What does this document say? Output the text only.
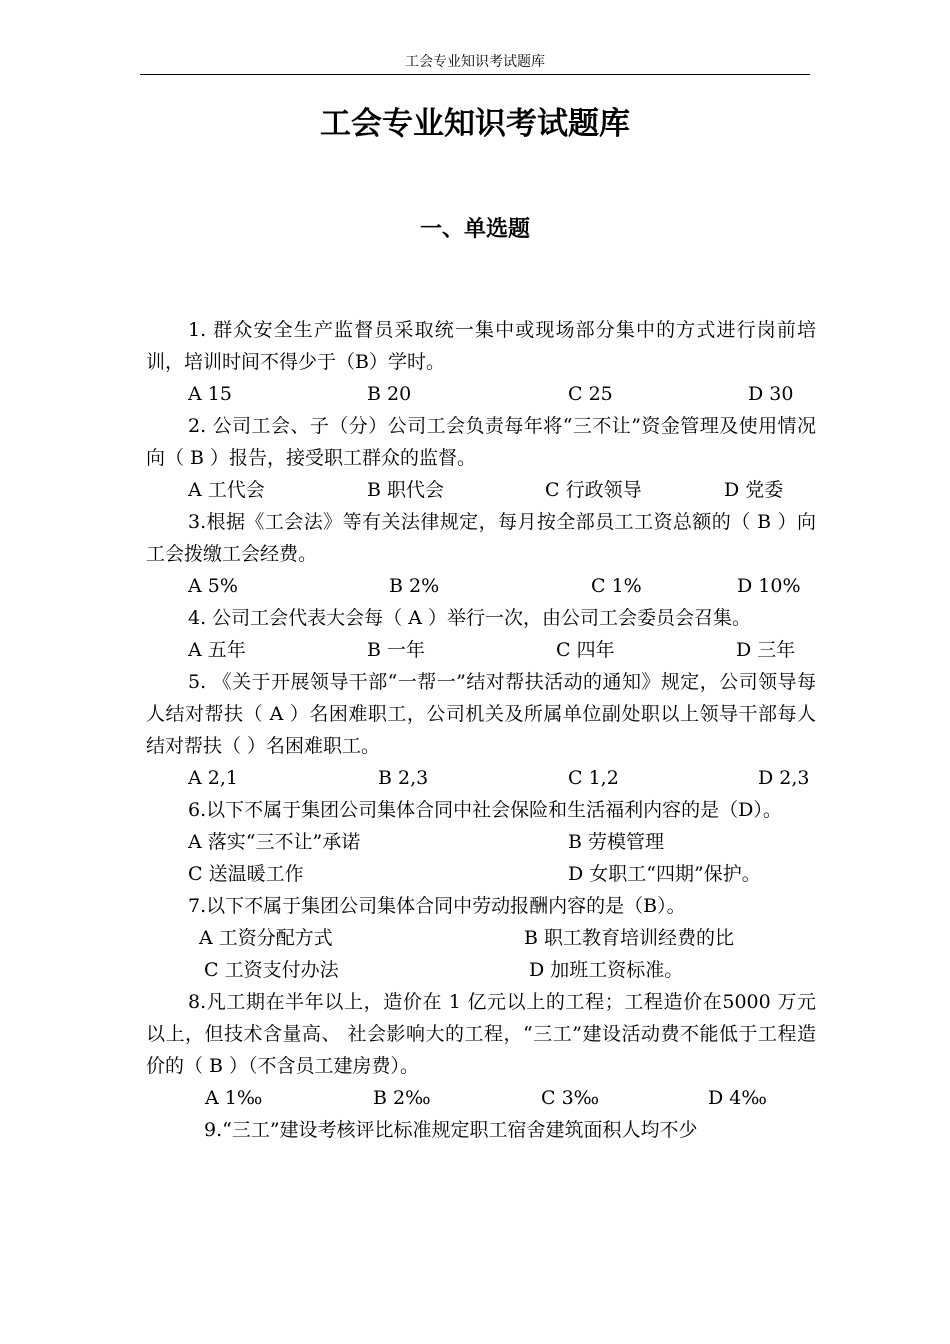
工会专业知识考试题库
工会专业知识考试题库
一、单选题

1. 群众安全生产监督员采取统一集中或现场部分集中的方式进行岗前培训，培训时间不得少于（B）学时。

A 15	B 20	C 25	D 30

2. 公司工会、子（分）公司工会负责每年将“三不让”资金管理及使用情况向（ B ）报告，接受职工群众的监督。

A 工代会	B 职代会	C 行政领导	D 党委

3.根据《工会法》等有关法律规定，每月按全部员工工资总额的（ B ）向工会拨缴工会经费。

A 5%	B 2%	C 1%	D 10%

4. 公司工会代表大会每（ A ）举行一次，由公司工会委员会召集。

A 五年	B 一年	C 四年	D 三年

5. 《关于开展领导干部“一帮一”结对帮扶活动的通知》规定，公司领导每人结对帮扶（ A ）名困难职工，公司机关及所属单位副处职以上领导干部每人结对帮扶（ ）名困难职工。

A 2,1	B 2,3	C 1,2	D 2,3

6.以下不属于集团公司集体合同中社会保险和生活福利内容的是（D）。

A 落实“三不让”承诺	B 劳模管理
C 送温暖工作	D 女职工“四期”保护。

7.以下不属于集团公司集体合同中劳动报酬内容的是（B）。

A 工资分配方式	B 职工教育培训经费的比
C 工资支付办法	D 加班工资标准。

8.凡工期在半年以上，造价在 1 亿元以上的工程；工程造价在5000 万元以上，但技术含量高、 社会影响大的工程，“三工”建设活动费不能低于工程造价的（ B ）（不含员工建房费）。

A 1‰	B 2‰	C 3‰	D 4‰

9.“三工”建设考核评比标准规定职工宿舍建筑面积人均不少
